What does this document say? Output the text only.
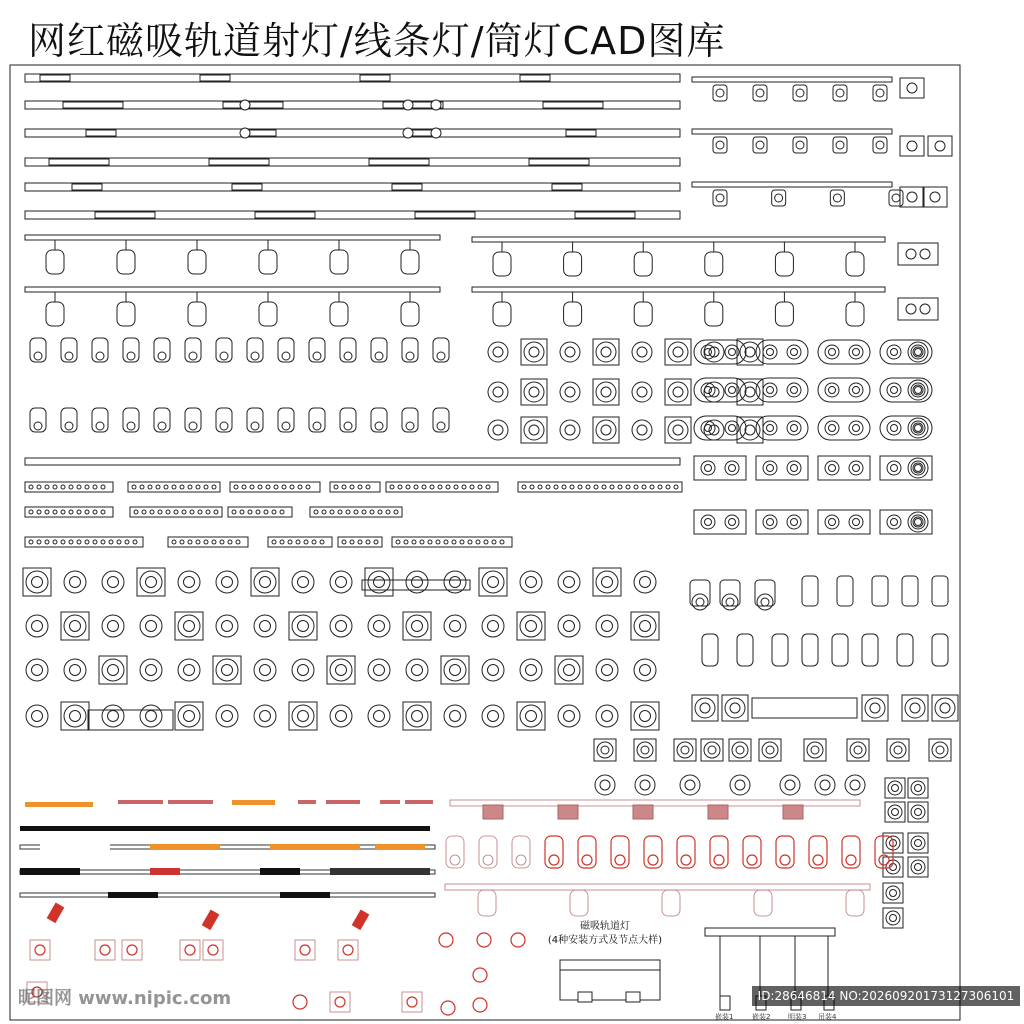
网红磁吸轨道射灯/线条灯/筒灯CAD图库
磁吸轨道灯
(4种安装方式及节点大样)
嵌装1	嵌装2	明装3 吊装4
昵图网 www.nipic.com	ID:28646814 NO:20260920173127306101
